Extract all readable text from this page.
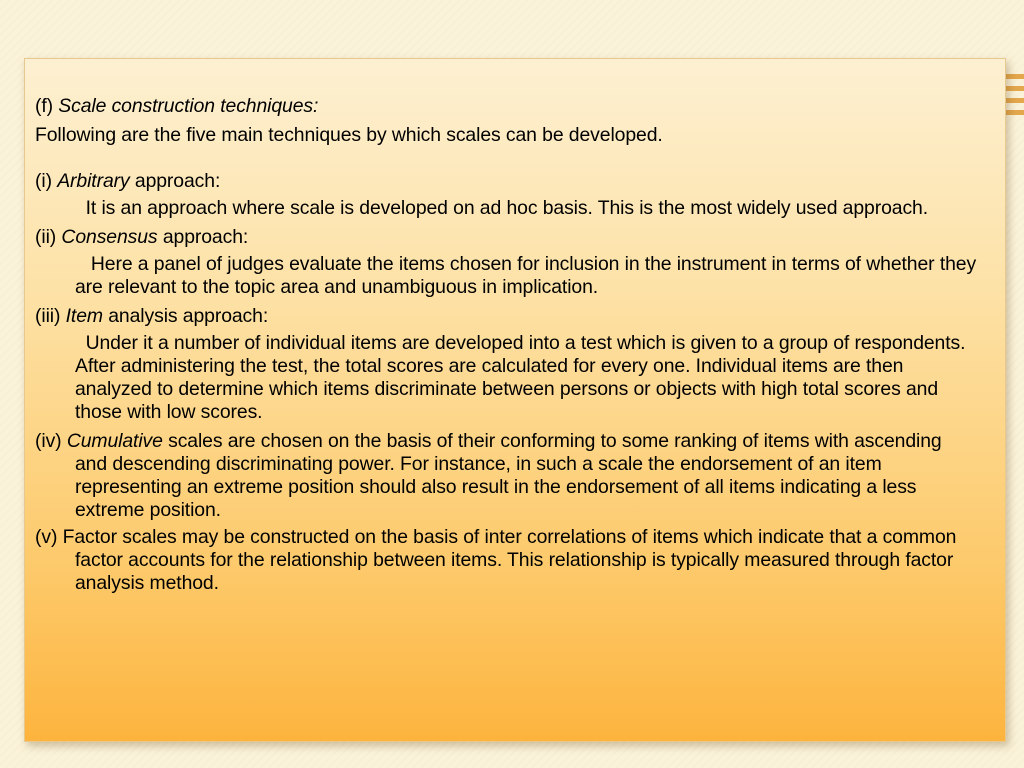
(f) Scale construction techniques:

Following are the five main techniques by which scales can be developed.

(i) Arbitrary approach:

It is an approach where scale is developed on ad hoc basis. This is the most widely used approach.

(ii) Consensus approach:

Here a panel of judges evaluate the items chosen for inclusion in the instrument in terms of whether they are relevant to the topic area and unambiguous in implication.

(iii) Item analysis approach:

Under it a number of individual items are developed into a test which is given to a group of respondents. After administering the test, the total scores are calculated for every one. Individual items are then analyzed to determine which items discriminate between persons or objects with high total scores and those with low scores.

(iv) Cumulative scales are chosen on the basis of their conforming to some ranking of items with ascending and descending discriminating power. For instance, in such a scale the endorsement of an item representing an extreme position should also result in the endorsement of all items indicating a less extreme position.

(v) Factor scales may be constructed on the basis of inter correlations of items which indicate that a common factor accounts for the relationship between items. This relationship is typically measured through factor analysis method.
